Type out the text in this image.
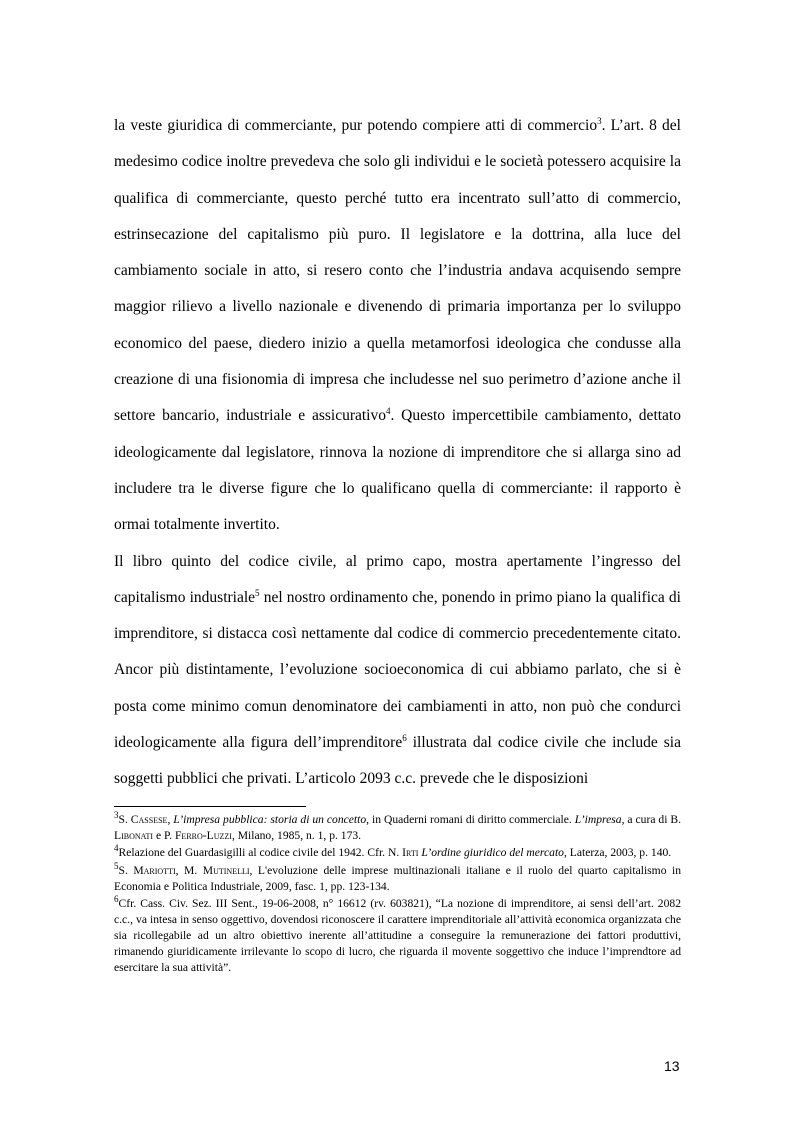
la veste giuridica di commerciante, pur potendo compiere atti di commercio$^3$. L’art. 8 del medesimo codice inoltre prevedeva che solo gli individui e le società potessero acquisire la qualifica di commerciante, questo perché tutto era incentrato sull’atto di commercio, estrinsecazione del capitalismo più puro. Il legislatore e la dottrina, alla luce del cambiamento sociale in atto, si resero conto che l’industria andava acquisendo sempre maggior rilievo a livello nazionale e divenendo di primaria importanza per lo sviluppo economico del paese, diedero inizio a quella metamorfosi ideologica che condusse alla creazione di una fisionomia di impresa che includesse nel suo perimetro d’azione anche il settore bancario, industriale e assicurativo$^4$. Questo impercettibile cambiamento, dettato ideologicamente dal legislatore, rinnova la nozione di imprenditore che si allarga sino ad includere tra le diverse figure che lo qualificano quella di commerciante: il rapporto è ormai totalmente invertito.

Il libro quinto del codice civile, al primo capo, mostra apertamente l’ingresso del capitalismo industriale$^5$ nel nostro ordinamento che, ponendo in primo piano la qualifica di imprenditore, si distacca così nettamente dal codice di commercio precedentemente citato. Ancor più distintamente, l’evoluzione socioeconomica di cui abbiamo parlato, che si è posta come minimo comun denominatore dei cambiamenti in atto, non può che condurci ideologicamente alla figura dell’imprenditore$^6$ illustrata dal codice civile che include sia soggetti pubblici che privati. L’articolo 2093 c.c. prevede che le disposizioni

$^3$S. Cassese, L’impresa pubblica: storia di un concetto, in Quaderni romani di diritto commerciale. L’impresa, a cura di B. Libonati e P. Ferro-Luzzi, Milano, 1985, n. 1, p. 173.

$^4$Relazione del Guardasigilli al codice civile del 1942. Cfr. N. Irti L’ordine giuridico del mercato, Laterza, 2003, p. 140.

$^5$S. Mariotti, M. Mutinelli, L'evoluzione delle imprese multinazionali italiane e il ruolo del quarto capitalismo in Economia e Politica Industriale, 2009, fasc. 1, pp. 123-134.

$^6$Cfr. Cass. Civ. Sez. III Sent., 19-06-2008, n° 16612 (rv. 603821), “La nozione di imprenditore, ai sensi dell’art. 2082 c.c., va intesa in senso oggettivo, dovendosi riconoscere il carattere imprenditoriale all’attività economica organizzata che sia ricollegabile ad un altro obiettivo inerente all’attitudine a conseguire la remunerazione dei fattori produttivi, rimanendo giuridicamente irrilevante lo scopo di lucro, che riguarda il movente soggettivo che induce l’imprendtore ad esercitare la sua attività”.

13
